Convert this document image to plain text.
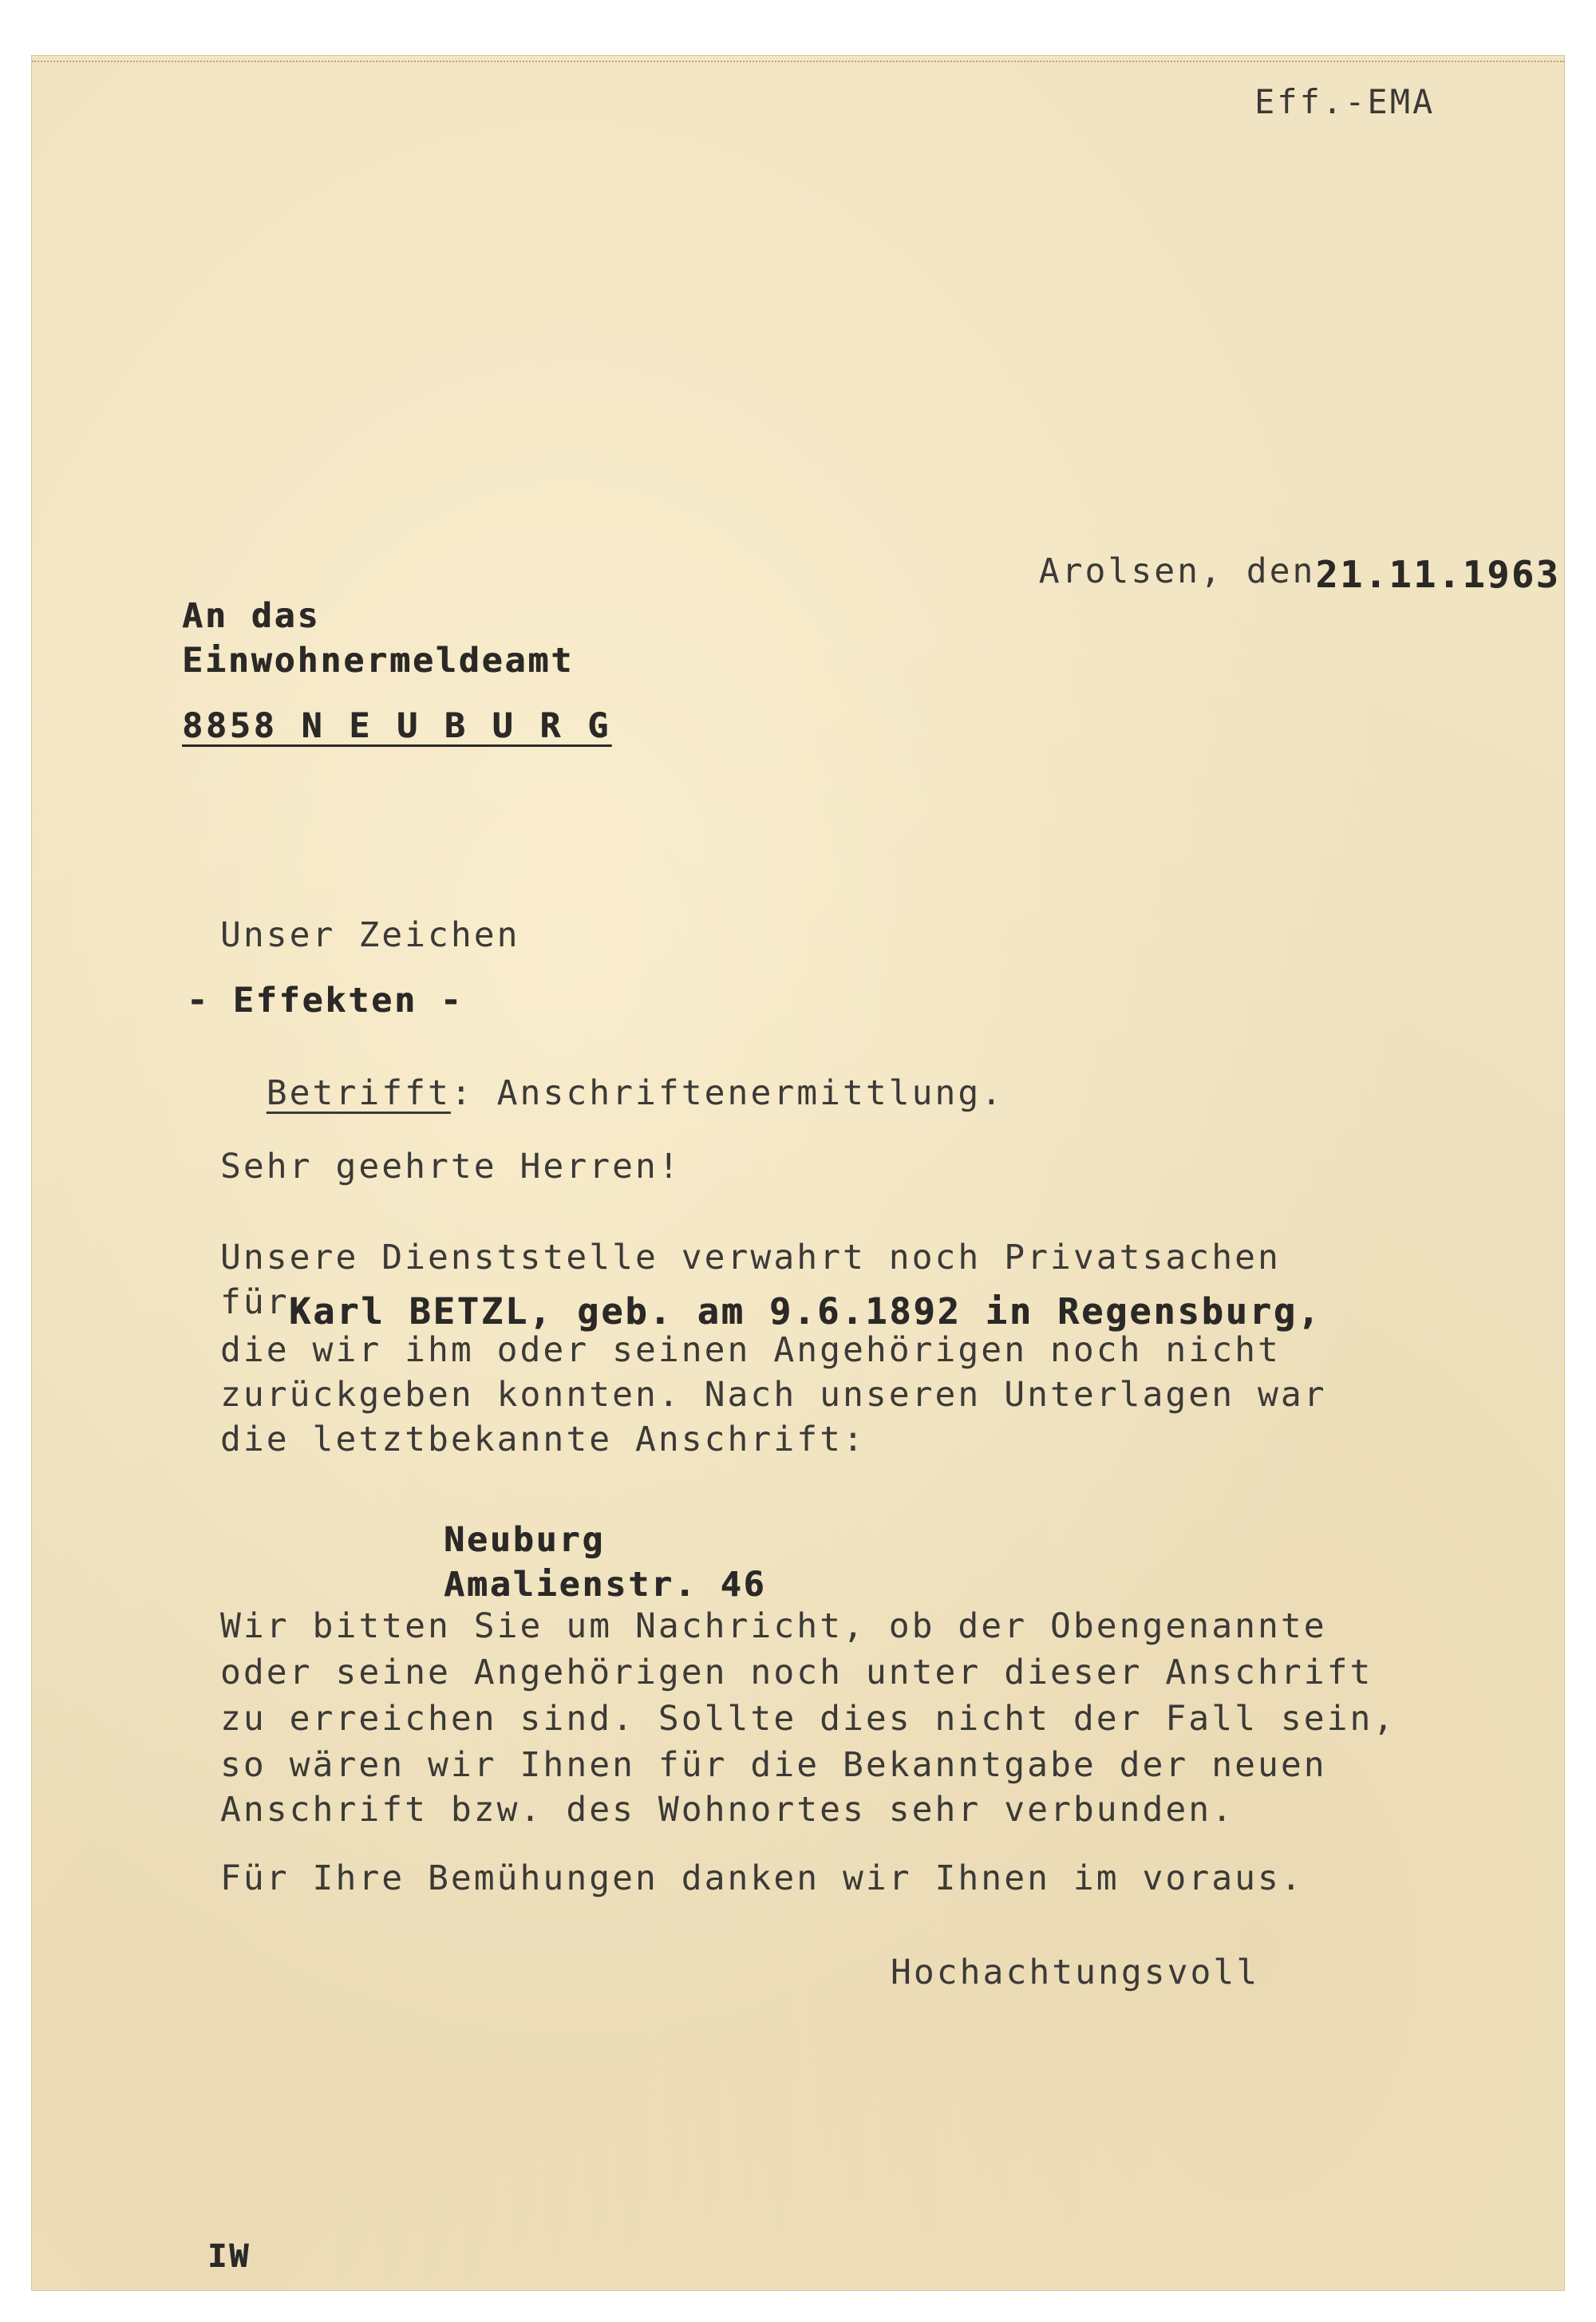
Eff.-EMA

Arolsen, den21.11.1963

An das
Einwohnermeldeamt
8858 N E U B U R G
Unser Zeichen
- Effekten -

Betrifft: Anschriftenermittlung.

Sehr geehrte Herren!
Unsere Dienststelle verwahrt noch Privatsachen
für Karl BETZL, geb. am 9.6.1892 in Regensburg,
die wir ihm oder seinen Angehörigen noch nicht
zurückgeben konnten. Nach unseren Unterlagen war
die letztbekannte Anschrift:
Neuburg
Amalienstr. 46
Wir bitten Sie um Nachricht, ob der Obengenannte
oder seine Angehörigen noch unter dieser Anschrift
zu erreichen sind. Sollte dies nicht der Fall sein,
so wären wir Ihnen für die Bekanntgabe der neuen
Anschrift bzw. des Wohnortes sehr verbunden.
Für Ihre Bemühungen danken wir Ihnen im voraus.
Hochachtungsvoll
IW
